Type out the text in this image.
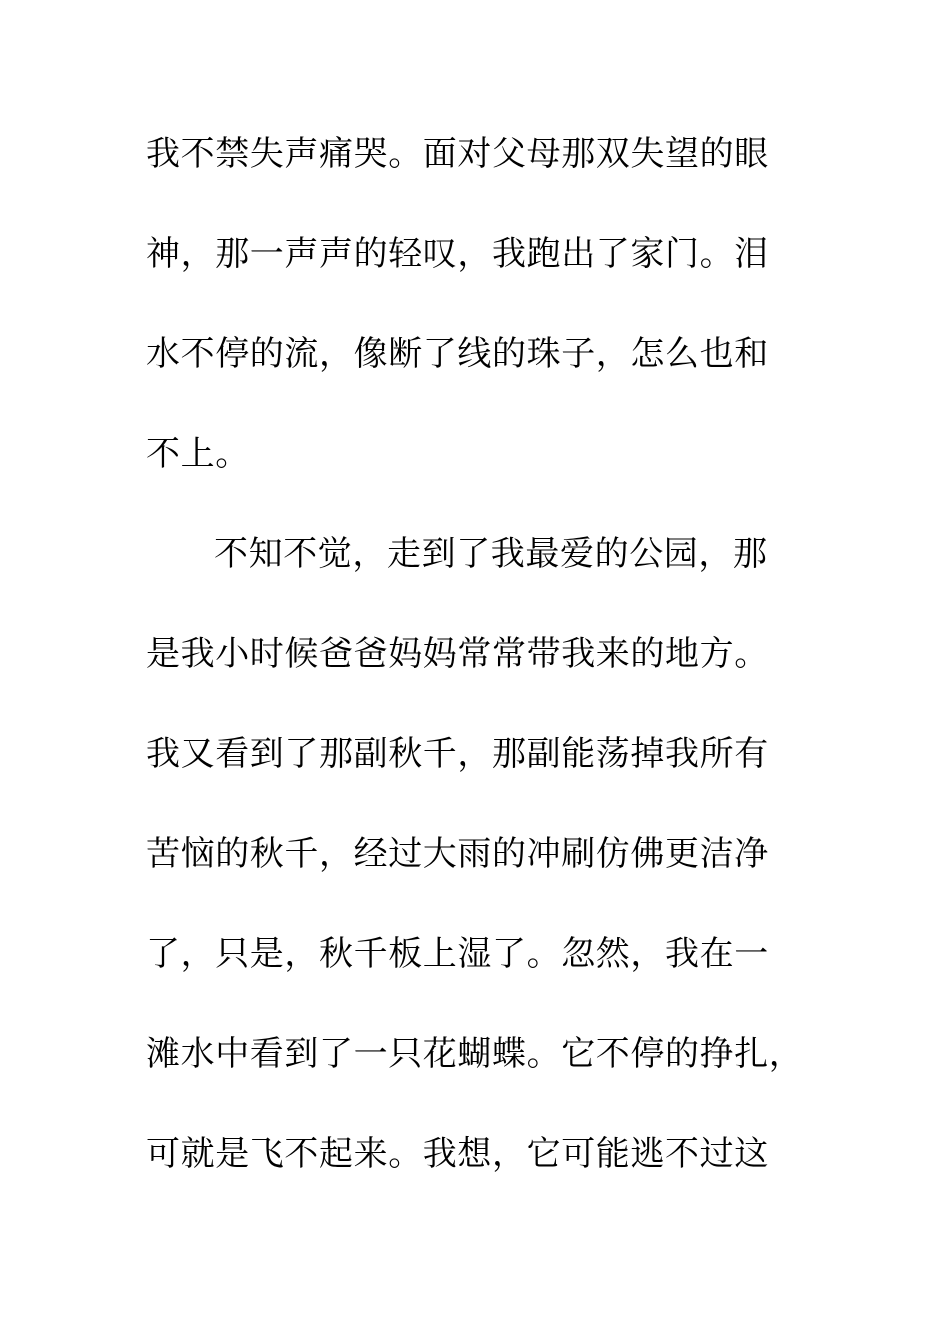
我不禁失声痛哭。面对父母那双失望的眼
神，那一声声的轻叹，我跑出了家门。泪
水不停的流，像断了线的珠子，怎么也和
不上。
不知不觉，走到了我最爱的公园，那
是我小时候爸爸妈妈常常带我来的地方。
我又看到了那副秋千，那副能荡掉我所有
苦恼的秋千，经过大雨的冲刷仿佛更洁净
了，只是，秋千板上湿了。忽然，我在一
滩水中看到了一只花蝴蝶。它不停的挣扎，
可就是飞不起来。我想，它可能逃不过这
